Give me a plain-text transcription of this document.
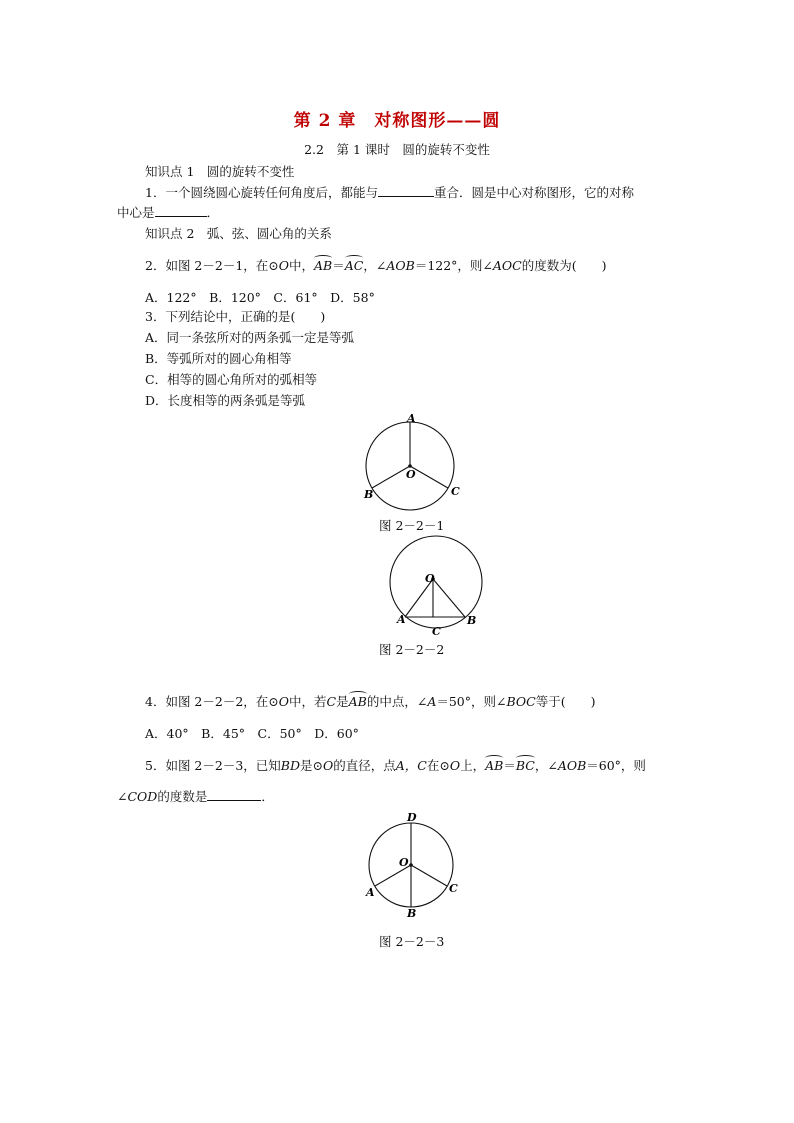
第 2 章　对称图形——圆
2.2　第 1 课时　圆的旋转不变性
知识点 1　圆的旋转不变性
1．一个圆绕圆心旋转任何角度后，都能与	重合．圆是中心对称图形，它的对称
中心是	．
知识点 2　弧、弦、圆心角的关系
2．如图 2－2－1，在⊙O中，AB＝AC，∠AOB＝122°，则∠AOC的度数为(　　)
A．122°　B．120°　C．61°　D．58°
3．下列结论中，正确的是(　　)
A．同一条弦所对的两条弧一定是等弧
B．等弧所对的圆心角相等
C．相等的圆心角所对的弧相等
D．长度相等的两条弧是等弧
A
O
B	C
图 2－2－1
O
A	B
C
图 2－2－2
4．如图 2－2－2，在⊙O中，若C是AB的中点，∠A＝50°，则∠BOC等于(　　)
A．40°　B．45°　C．50°　D．60°
5．如图 2－2－3，已知BD是⊙O的直径，点A，C在⊙O上，AB＝BC，∠AOB＝60°，则
∠COD的度数是	．
D
O
A
B
C
图 2－2－3
